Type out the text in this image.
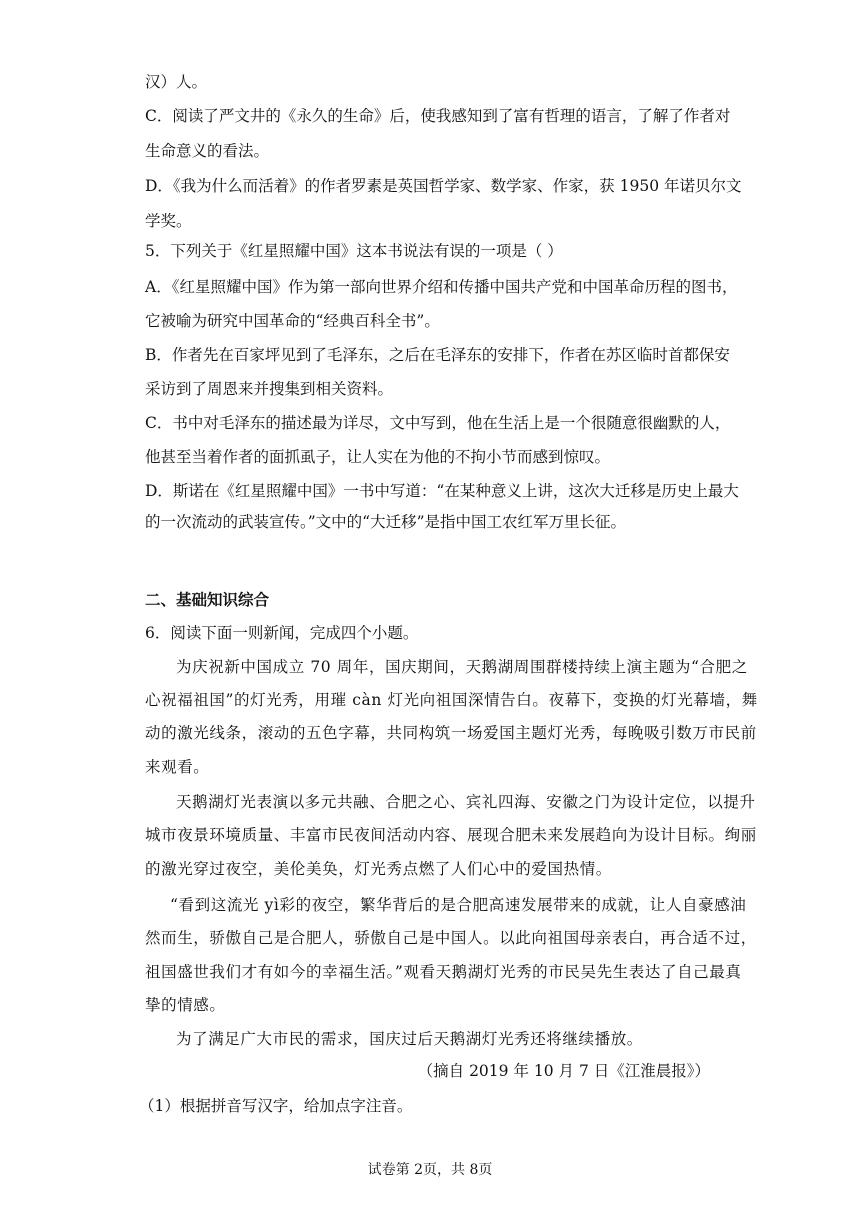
汉）人。
C．阅读了严文井的《永久的生命》后，使我感知到了富有哲理的语言，了解了作者对
生命意义的看法。
D．《我为什么而活着》的作者罗素是英国哲学家、数学家、作家，获 1950 年诺贝尔文
学奖。
5．下列关于《红星照耀中国》这本书说法有误的一项是（ ）
A．《红星照耀中国》作为第一部向世界介绍和传播中国共产党和中国革命历程的图书，
它被喻为研究中国革命的“经典百科全书”。
B．作者先在百家坪见到了毛泽东，之后在毛泽东的安排下，作者在苏区临时首都保安
采访到了周恩来并搜集到相关资料。
C．书中对毛泽东的描述最为详尽，文中写到，他在生活上是一个很随意很幽默的人，
他甚至当着作者的面抓虱子，让人实在为他的不拘小节而感到惊叹。
D．斯诺在《红星照耀中国》一书中写道：“在某种意义上讲，这次大迁移是历史上最大
的一次流动的武装宣传。”文中的“大迁移”是指中国工农红军万里长征。
二、基础知识综合
6．阅读下面一则新闻，完成四个小题。
为庆祝新中国成立 70 周年，国庆期间，天鹅湖周围群楼持续上演主题为“合肥之
心祝福祖国”的灯光秀，用璀 càn 灯光向祖国深情告白。夜幕下，变换的灯光幕墙，舞
动的激光线条，滚动的五色字幕，共同构筑一场爱国主题灯光秀，每晚吸引数万市民前
来观看。
天鹅湖灯光表演以多元共融、合肥之心、宾礼四海、安徽之门为设计定位，以提升
城市夜景环境质量、丰富市民夜间活动内容、展现合肥未来发展趋向为设计目标。绚丽
的激光穿过夜空，美伦美奂，灯光秀点燃了人们心中的爱国热情。
“看到这流光 yì彩的夜空，繁华背后的是合肥高速发展带来的成就，让人自豪感油
然而生，骄傲自己是合肥人，骄傲自己是中国人。以此向祖国母亲表白，再合适不过，
祖国盛世我们才有如今的幸福生活。”观看天鹅湖灯光秀的市民吴先生表达了自己最真
挚的情感。
为了满足广大市民的需求，国庆过后天鹅湖灯光秀还将继续播放。
（摘自 2019 年 10 月 7 日《江淮晨报》）
（1）根据拼音写汉字，给加点字注音。
试卷第 2页，共 8页
